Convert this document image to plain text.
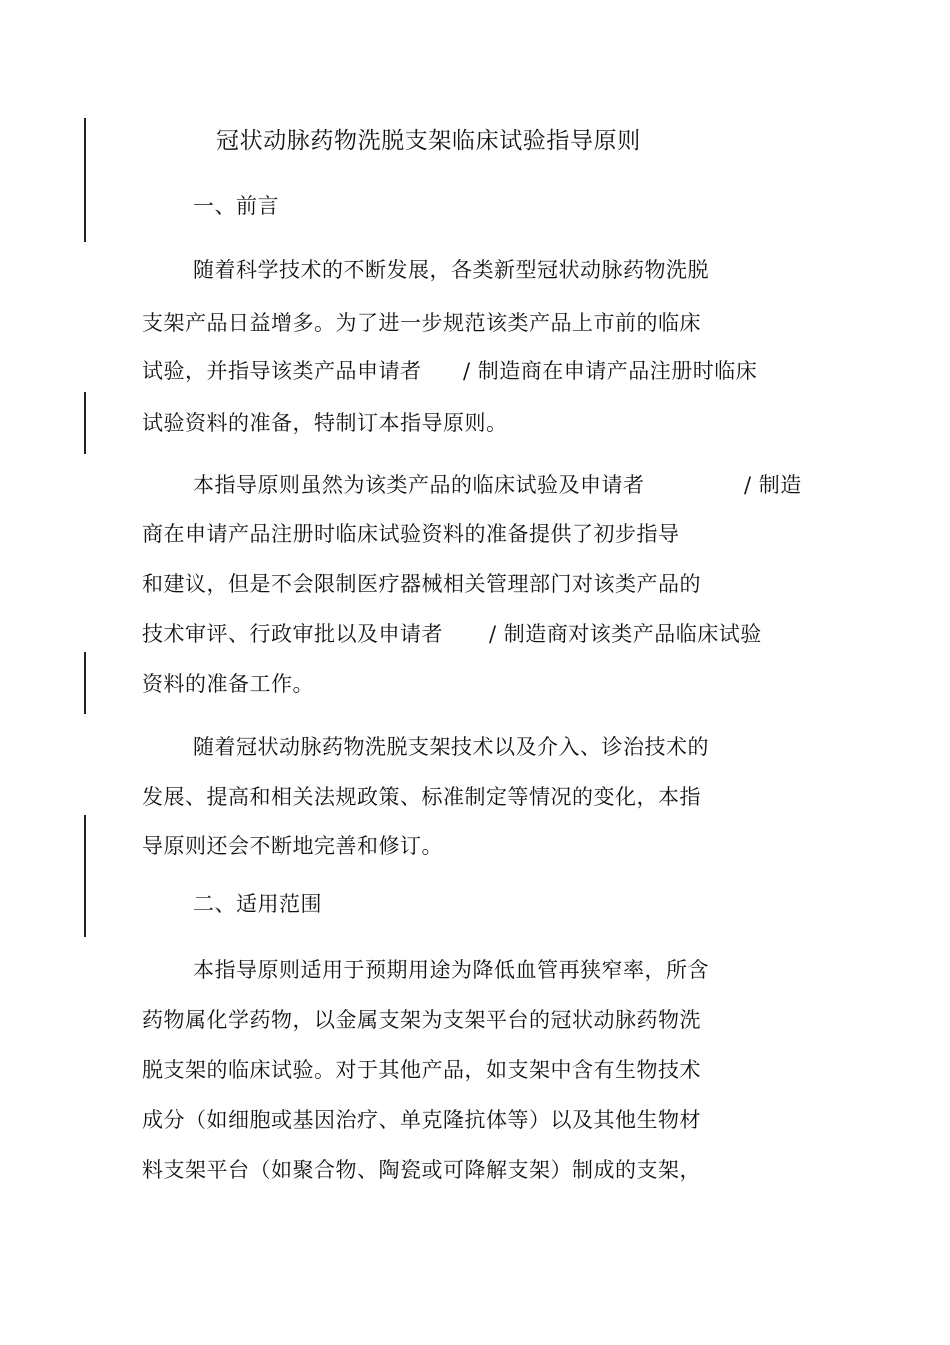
冠状动脉药物洗脱支架临床试验指导原则
一、前言
随着科学技术的不断发展，各类新型冠状动脉药物洗脱
支架产品日益增多。为了进一步规范该类产品上市前的临床
试验，并指导该类产品申请者 / 制造商在申请产品注册时临床
试验资料的准备，特制订本指导原则。
本指导原则虽然为该类产品的临床试验及申请者	/ 制造
商在申请产品注册时临床试验资料的准备提供了初步指导
和建议，但是不会限制医疗器械相关管理部门对该类产品的
技术审评、行政审批以及申请者 / 制造商对该类产品临床试验
资料的准备工作。
随着冠状动脉药物洗脱支架技术以及介入、诊治技术的
发展、提高和相关法规政策、标准制定等情况的变化，本指
导原则还会不断地完善和修订。
二、适用范围
本指导原则适用于预期用途为降低血管再狭窄率，所含
药物属化学药物，以金属支架为支架平台的冠状动脉药物洗
脱支架的临床试验。对于其他产品，如支架中含有生物技术
成分（如细胞或基因治疗、单克隆抗体等）以及其他生物材
料支架平台（如聚合物、陶瓷或可降解支架）制成的支架，
